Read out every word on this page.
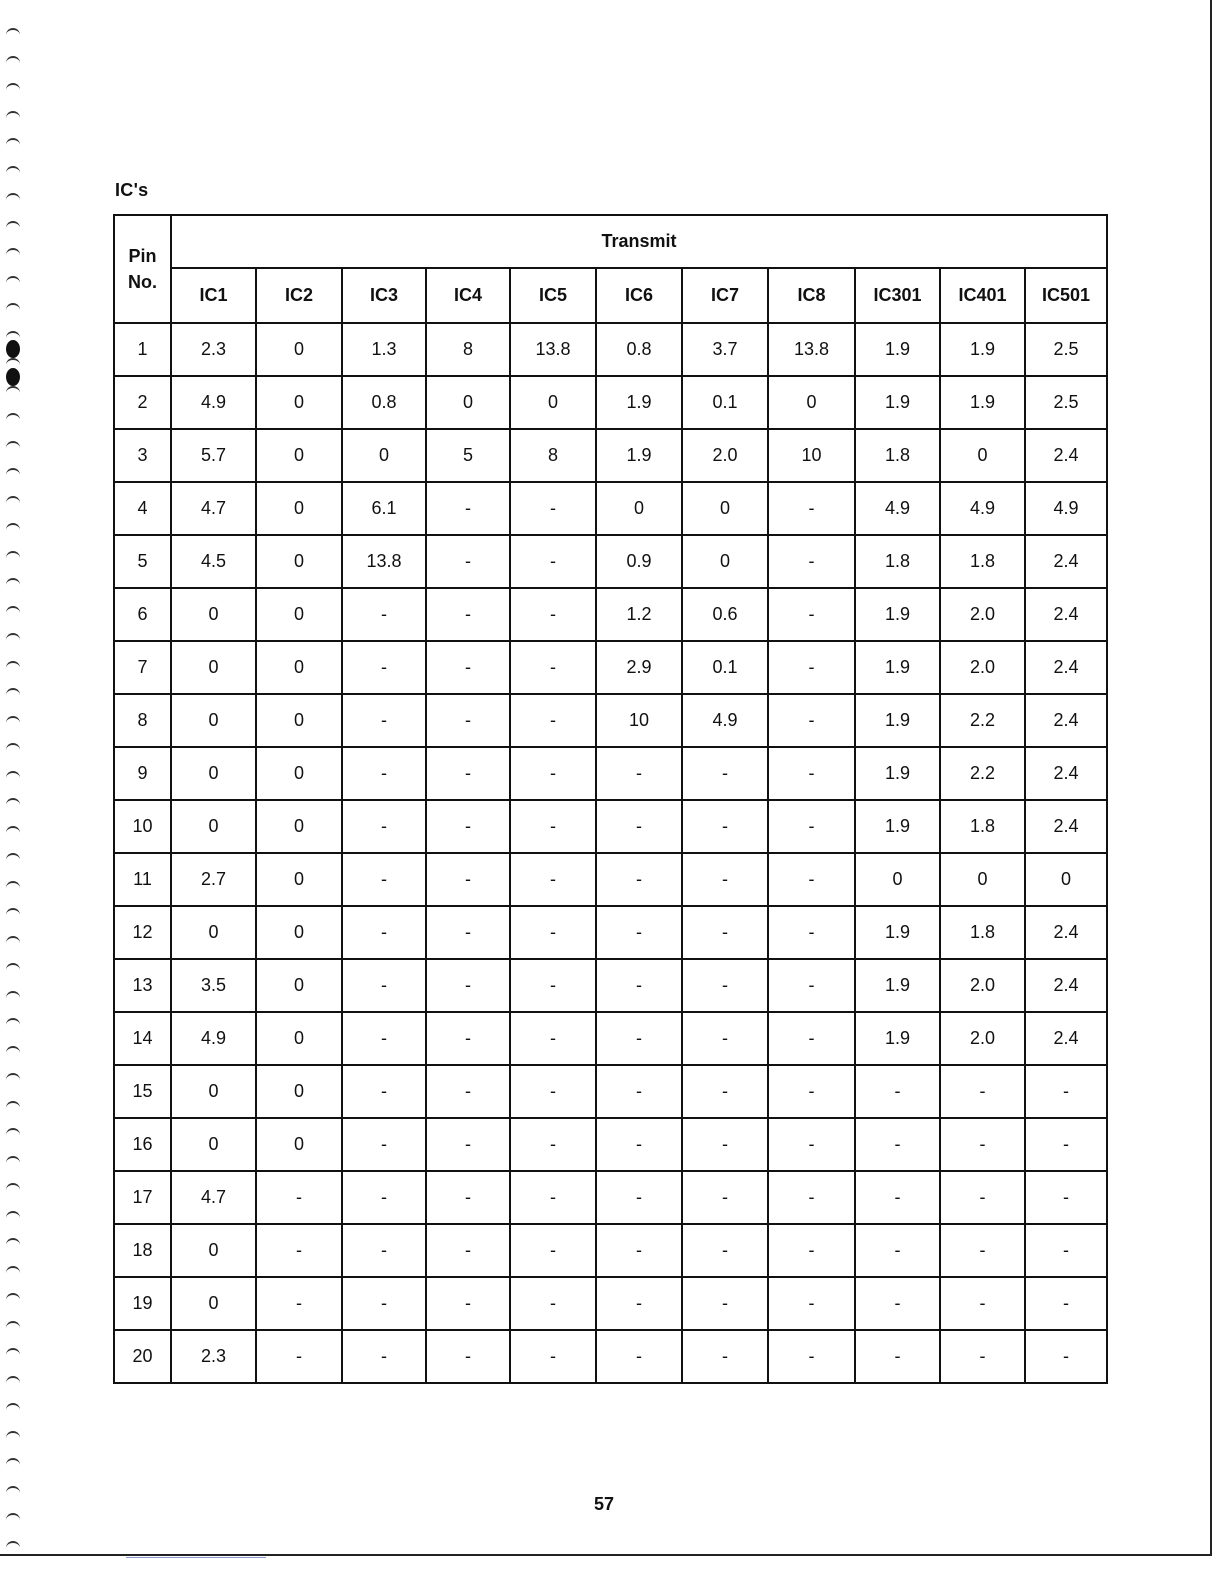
IC's
Pin
No.	Transmit										
	IC1	IC2	IC3	IC4	IC5	IC6	IC7	IC8	IC301	IC401	IC501
1	2.3	0	1.3	8	13.8	0.8	3.7	13.8	1.9	1.9	2.5
2	4.9	0	0.8	0	0	1.9	0.1	0	1.9	1.9	2.5
3	5.7	0	0	5	8	1.9	2.0	10	1.8	0	2.4
4	4.7	0	6.1	-	-	0	0	-	4.9	4.9	4.9
5	4.5	0	13.8	-	-	0.9	0	-	1.8	1.8	2.4
6	0	0	-	-	-	1.2	0.6	-	1.9	2.0	2.4
7	0	0	-	-	-	2.9	0.1	-	1.9	2.0	2.4
8	0	0	-	-	-	10	4.9	-	1.9	2.2	2.4
9	0	0	-	-	-	-	-	-	1.9	2.2	2.4
10	0	0	-	-	-	-	-	-	1.9	1.8	2.4
11	2.7	0	-	-	-	-	-	-	0	0	0
12	0	0	-	-	-	-	-	-	1.9	1.8	2.4
13	3.5	0	-	-	-	-	-	-	1.9	2.0	2.4
14	4.9	0	-	-	-	-	-	-	1.9	2.0	2.4
15	0	0	-	-	-	-	-	-	-	-	-
16	0	0	-	-	-	-	-	-	-	-	-
17	4.7	-	-	-	-	-	-	-	-	-	-
18	0	-	-	-	-	-	-	-	-	-	-
19	0	-	-	-	-	-	-	-	-	-	-
20	2.3	-	-	-	-	-	-	-	-	-	-
57
